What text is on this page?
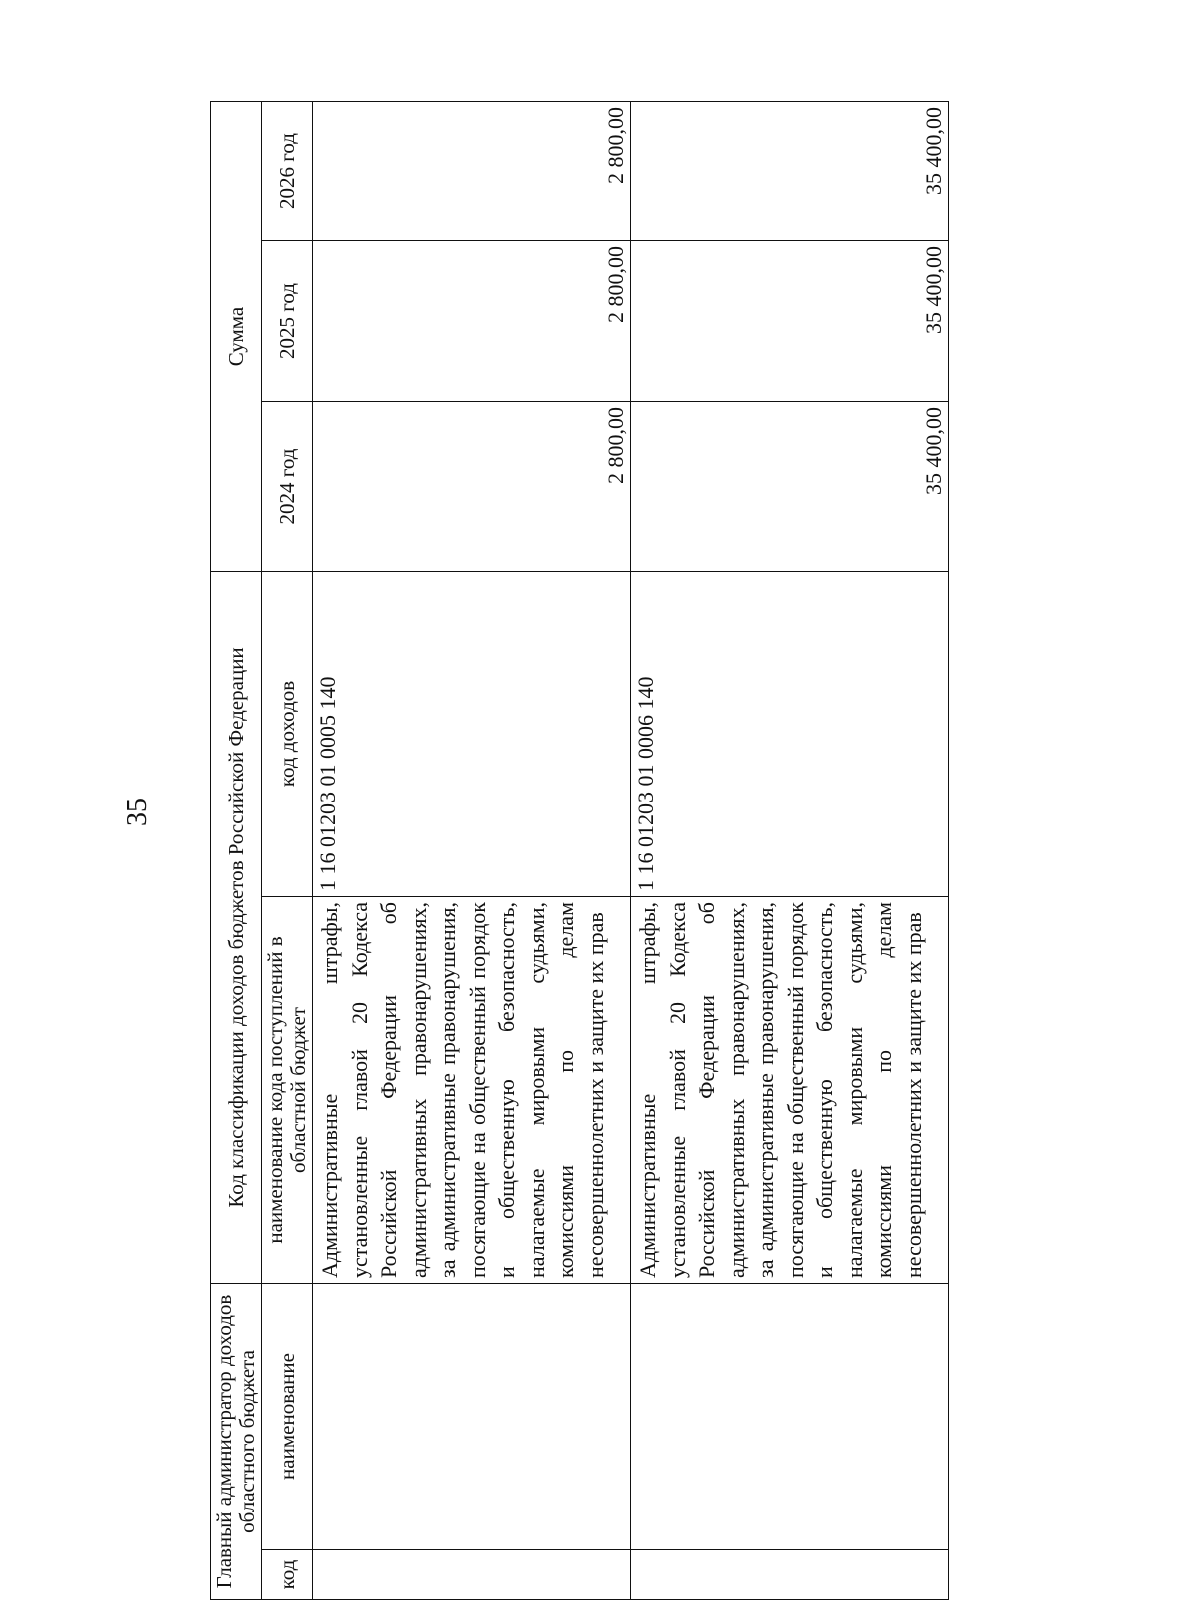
35
Главный администратор доходов областного бюджета		Код классификации доходов бюджетов Российской Федерации		Сумма		
код	наименование	наименование кода поступлений в областной бюджет	код доходов	2024 год	2025 год	2026 год
		Административные штрафы, установленные главой 20 Кодекса Российской Федерации об административных правонарушениях, за административные правонарушения, посягающие на общественный порядок и общественную безопасность, налагаемые мировыми судьями, комиссиями по делам несовершеннолетних и защите их прав	1 16 01203 01 0005 140	2 800,00	2 800,00	2 800,00
		Административные штрафы, установленные главой 20 Кодекса Российской Федерации об административных правонарушениях, за административные правонарушения, посягающие на общественный порядок и общественную безопасность, налагаемые мировыми судьями, комиссиями по делам несовершеннолетних и защите их прав	1 16 01203 01 0006 140	35 400,00	35 400,00	35 400,00
